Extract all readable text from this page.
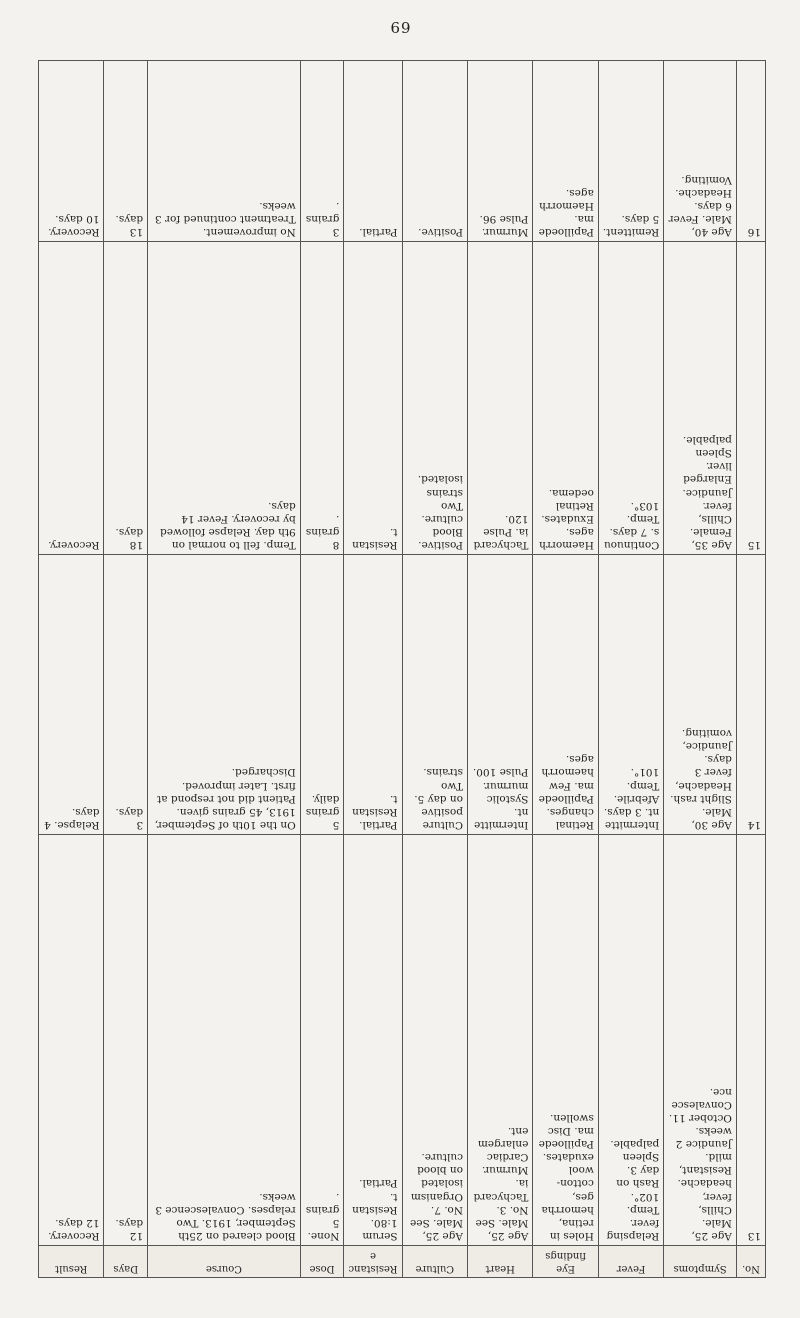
69
No.	Symptoms	Fever	Eye findings	Heart	Culture	Resistance	Dose	Course	Days	Result
13	Age 25, Male. Chills, fever, headache. Resistant, mild. Jaundice 2 weeks. October 11. Convalescence.	Relapsing fever. Temp. 102°. Rash on day 3. Spleen palpable.	Holes in retina, hemorrhages, cotton-wool exudates. Papilloedema. Disc swollen.	Age 25, Male. See No. 3. Tachycardia. Murmur. Cardiac enlargement.	Age 25, Male. See No. 7. Organism isolated on blood culture.	Serum 1:80. Resistant. Partial.	None. 5 grains.	Blood cleared on 25th September, 1913. Two relapses. Convalescence 3 weeks.	12 days.	Recovery. 12 days.
14	Age 30, Male. Slight rash. Headache, fever 3 days. Jaundice, vomiting.	Intermittent. 3 days. Afebrile. Temp. 101°.	Retinal changes. Papilloedema. Few haemorrhages.	Intermittent. Systolic murmur. Pulse 100.	Culture positive on day 5. Two strains.	Partial. Resistant.	5 grains daily.	On the 10th of September, 1913, 45 grains given. Patient did not respond at first. Later improved. Discharged.	3 days.	Relapse. 4 days.
15	Age 35, Female. Chills, fever. Jaundice. Enlarged liver. Spleen palpable.	Continuous. 7 days. Temp. 103°.	Haemorrhages. Exudates. Retinal oedema.	Tachycardia. Pulse 120.	Positive. Blood culture. Two strains isolated.	Resistant.	8 grains.	Temp. fell to normal on 9th day. Relapse followed by recovery. Fever 14 days.	18 days.	Recovery.
16	Age 40, Male. Fever 6 days. Headache. Vomiting.	Remittent. 5 days.	Papilloedema. Haemorrhages.	Murmur. Pulse 96.	Positive.	Partial.	3 grains.	No improvement. Treatment continued for 3 weeks.	13 days.	Recovery. 10 days.
